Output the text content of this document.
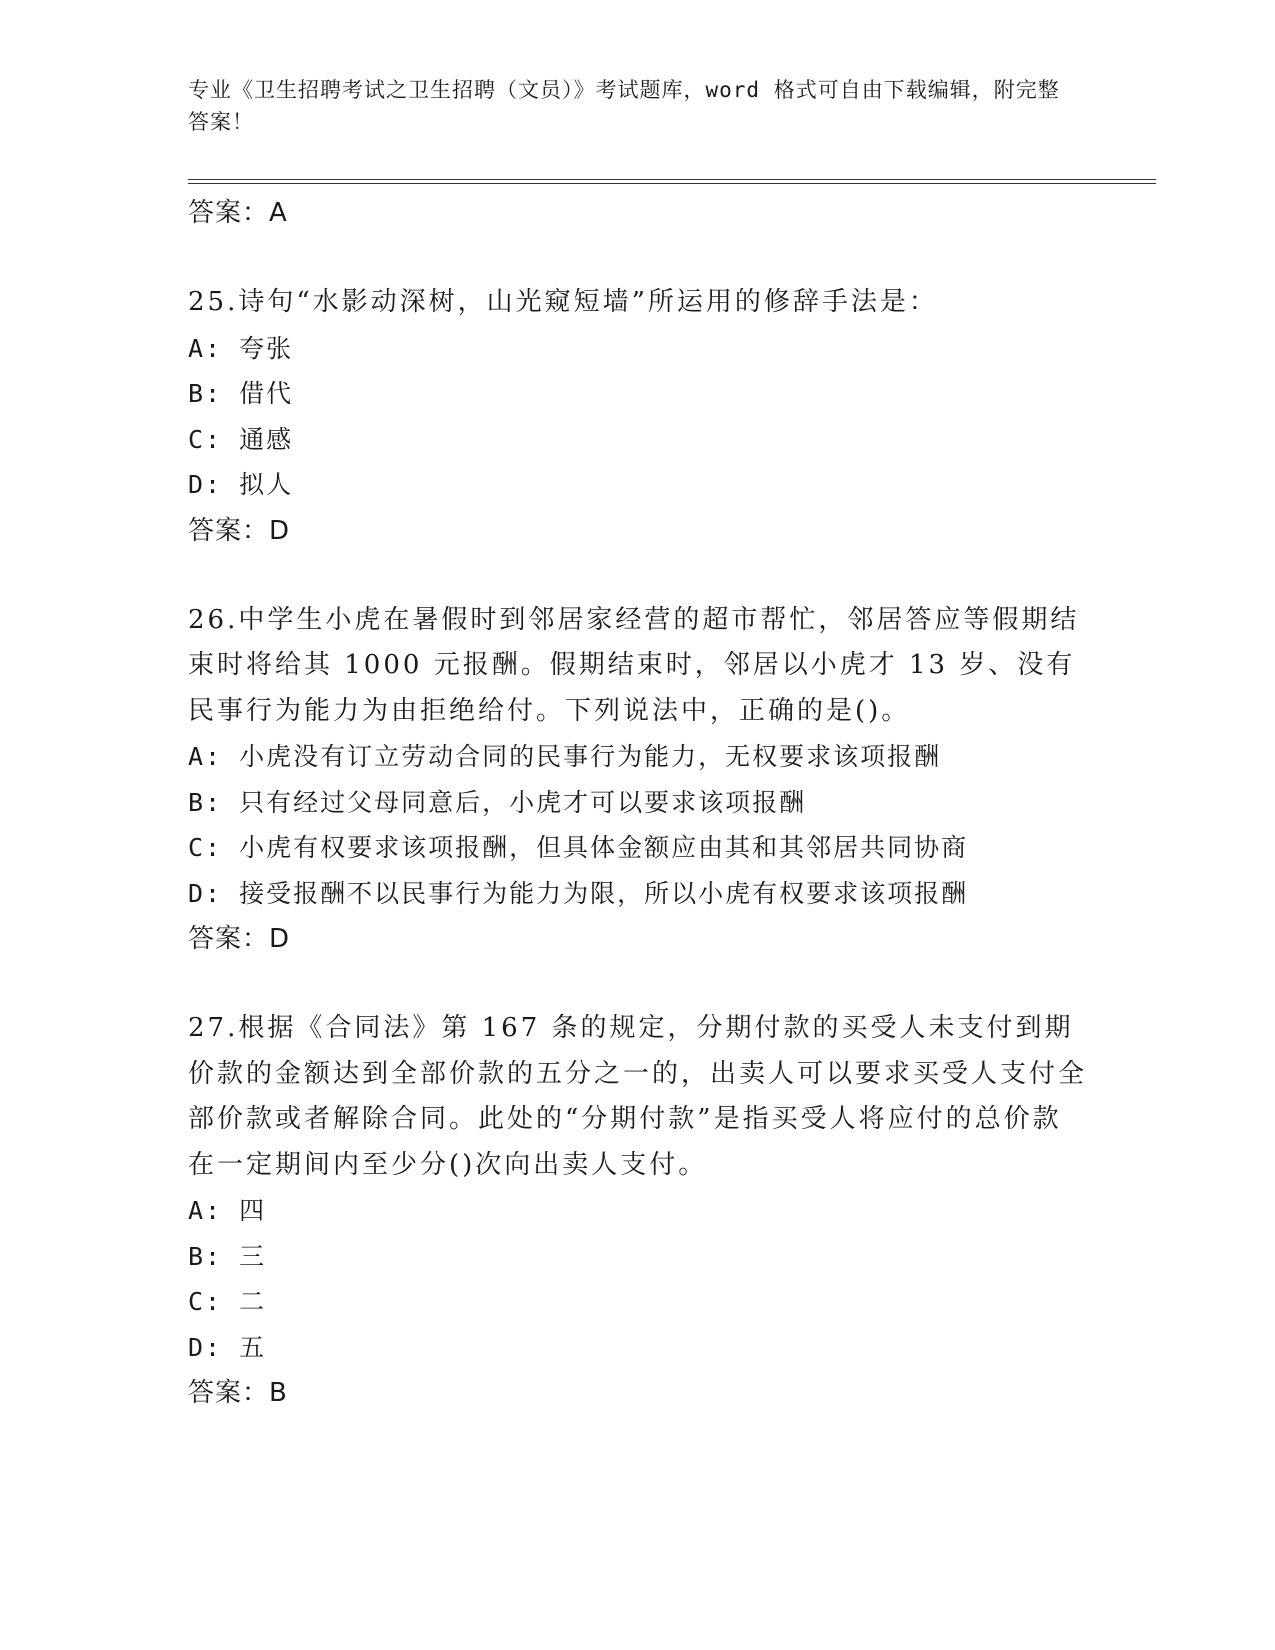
专业《卫生招聘考试之卫生招聘（文员）》考试题库，word 格式可自由下载编辑，附完整答案！
答案：A
25.诗句“水影动深树，山光窥短墙”所运用的修辞手法是：
A: 夸张
B: 借代
C: 通感
D: 拟人
答案：D
26.中学生小虎在暑假时到邻居家经营的超市帮忙，邻居答应等假期结束时将给其 1000 元报酬。假期结束时，邻居以小虎才 13 岁、没有民事行为能力为由拒绝给付。下列说法中，正确的是()。
A: 小虎没有订立劳动合同的民事行为能力，无权要求该项报酬
B: 只有经过父母同意后，小虎才可以要求该项报酬
C: 小虎有权要求该项报酬，但具体金额应由其和其邻居共同协商
D: 接受报酬不以民事行为能力为限，所以小虎有权要求该项报酬
答案：D
27.根据《合同法》第 167 条的规定，分期付款的买受人未支付到期价款的金额达到全部价款的五分之一的，出卖人可以要求买受人支付全部价款或者解除合同。此处的“分期付款”是指买受人将应付的总价款在一定期间内至少分()次向出卖人支付。
A: 四
B: 三
C: 二
D: 五
答案：B
